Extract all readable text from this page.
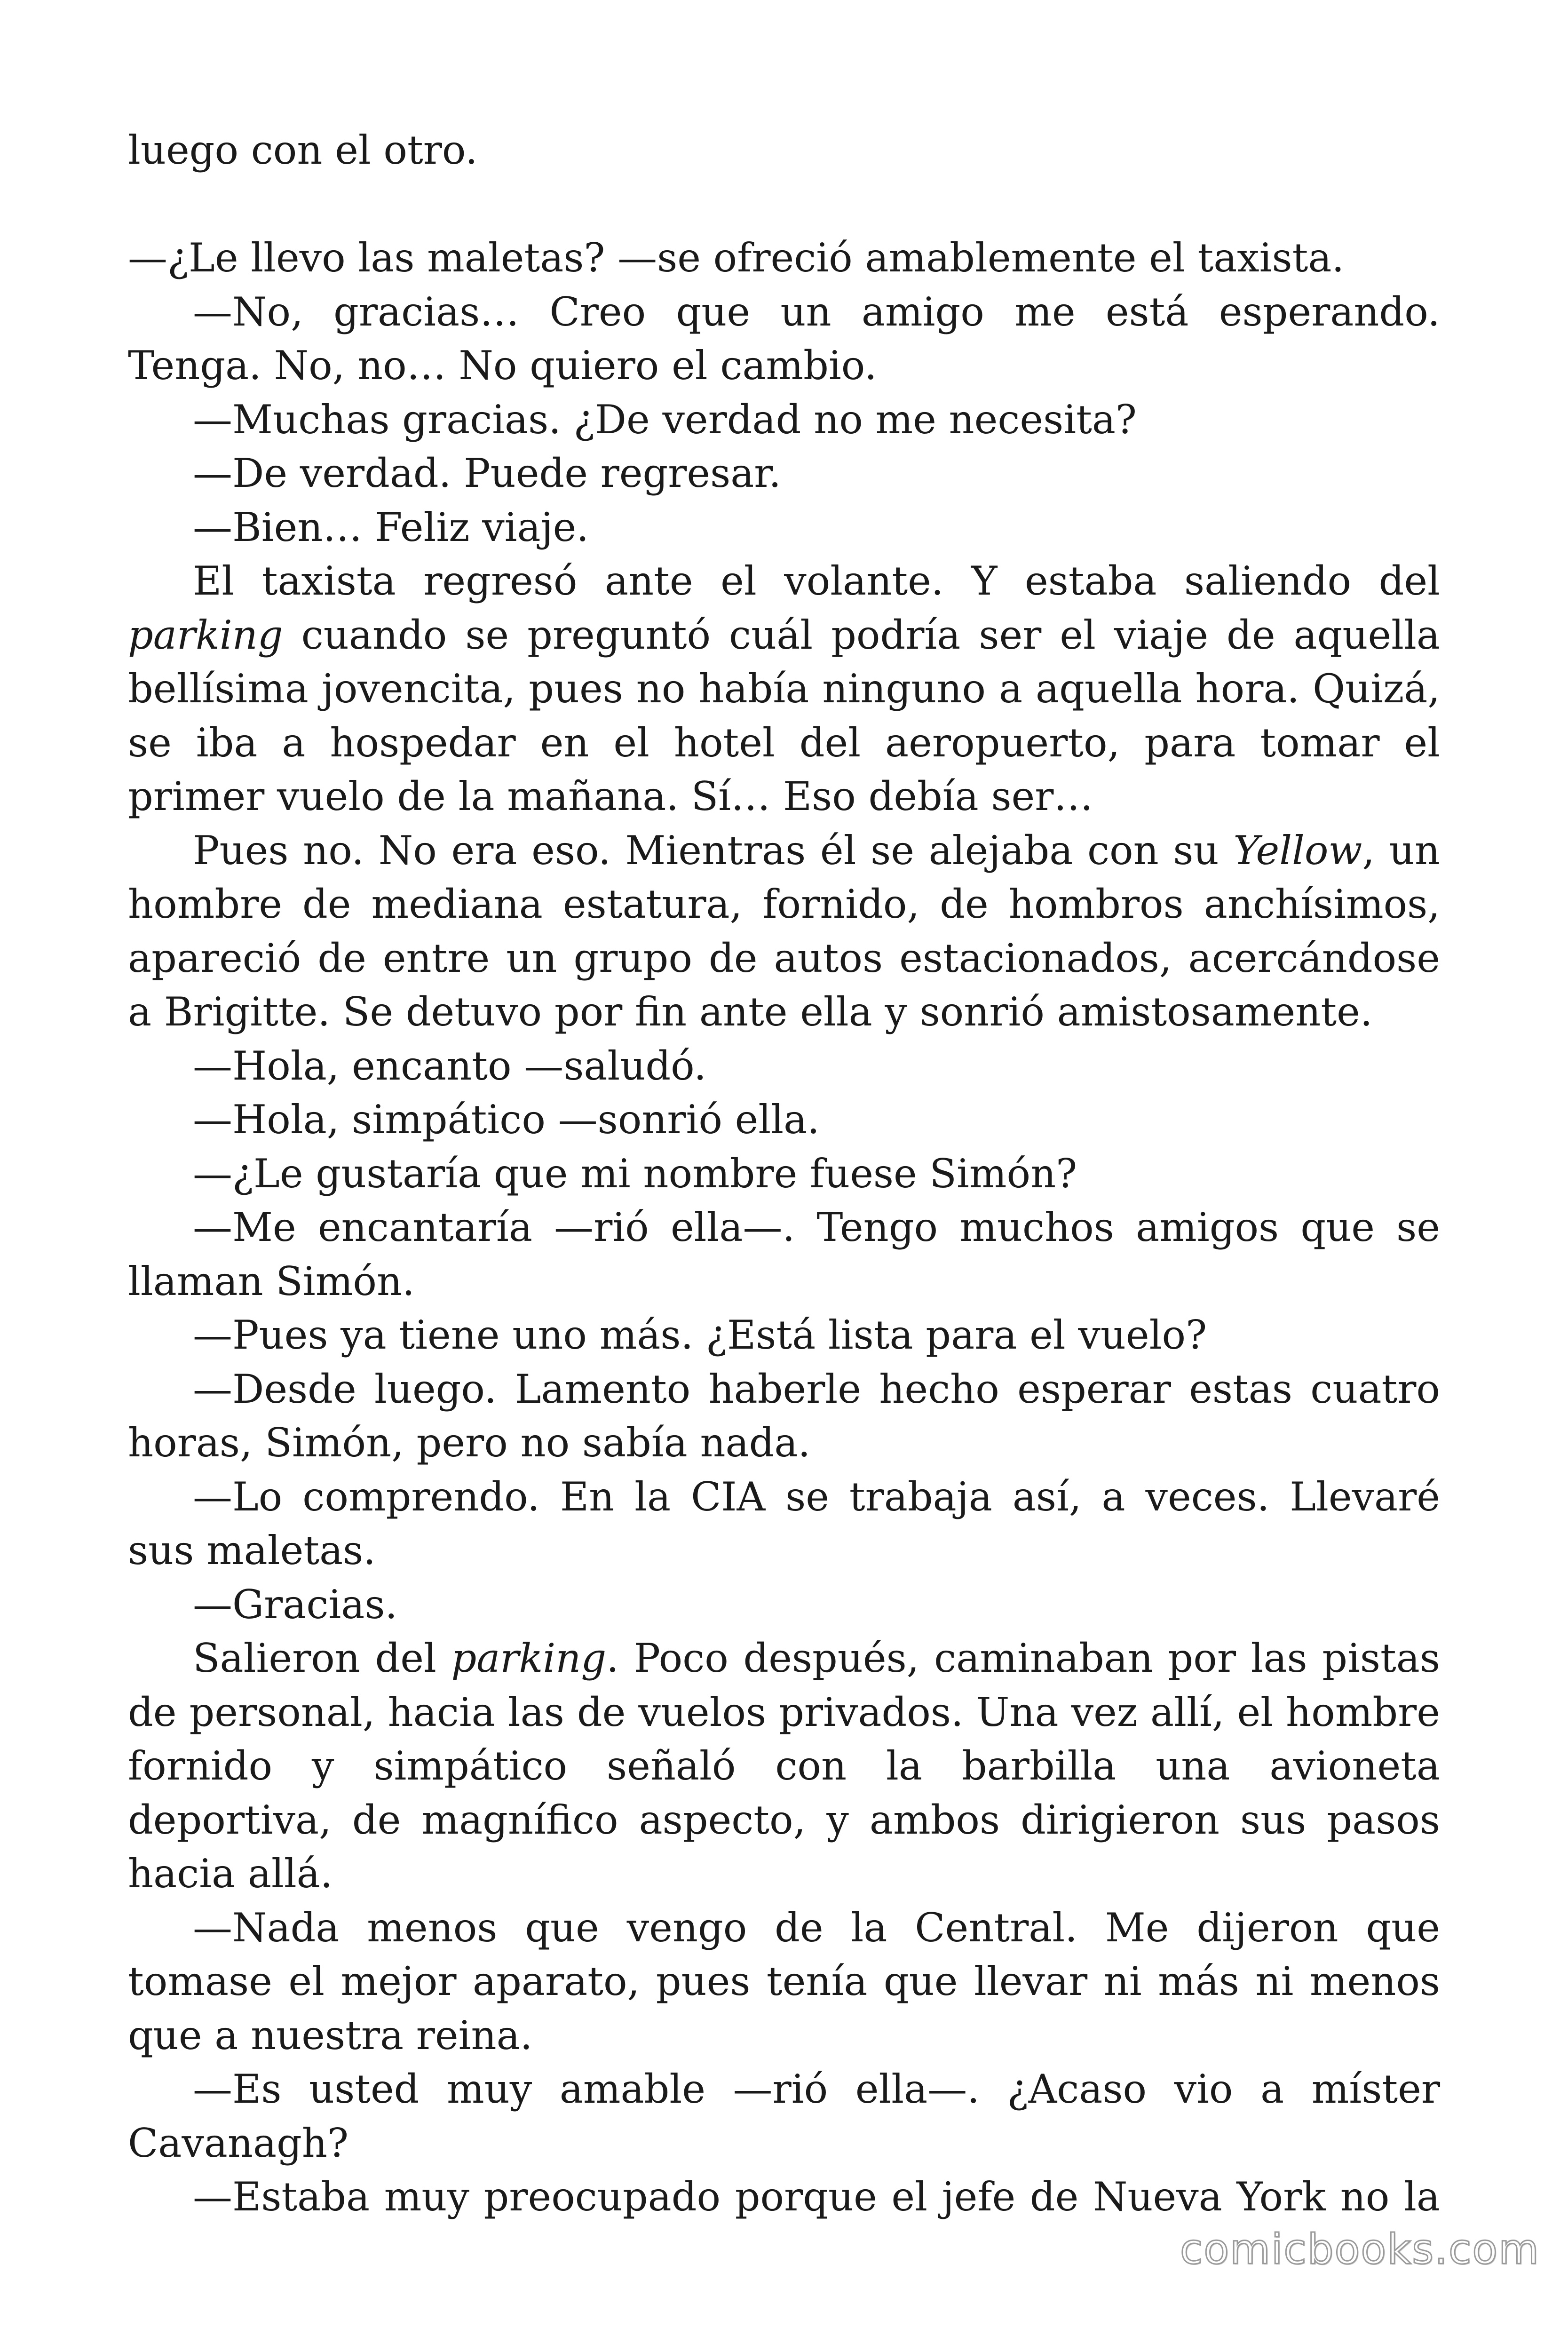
luego con el otro.

—¿Le llevo las maletas? —se ofreció amablemente el taxista.

—No, gracias… Creo que un amigo me está esperando. Tenga. No, no… No quiero el cambio.

—Muchas gracias. ¿De verdad no me necesita?

—De verdad. Puede regresar.

—Bien… Feliz viaje.

El taxista regresó ante el volante. Y estaba saliendo del parking cuando se preguntó cuál podría ser el viaje de aquella bellísima jovencita, pues no había ninguno a aquella hora. Quizá, se iba a hospedar en el hotel del aeropuerto, para tomar el primer vuelo de la mañana. Sí… Eso debía ser…

Pues no. No era eso. Mientras él se alejaba con su Yellow, un hombre de mediana estatura, fornido, de hombros anchísimos, apareció de entre un grupo de autos estacionados, acercándose a Brigitte. Se detuvo por fin ante ella y sonrió amistosamente.

—Hola, encanto —saludó.

—Hola, simpático —sonrió ella.

—¿Le gustaría que mi nombre fuese Simón?

—Me encantaría —rió ella—. Tengo muchos amigos que se llaman Simón.

—Pues ya tiene uno más. ¿Está lista para el vuelo?

—Desde luego. Lamento haberle hecho esperar estas cuatro horas, Simón, pero no sabía nada.

—Lo comprendo. En la CIA se trabaja así, a veces. Llevaré sus maletas.

—Gracias.

Salieron del parking. Poco después, caminaban por las pistas de personal, hacia las de vuelos privados. Una vez allí, el hombre fornido y simpático señaló con la barbilla una avioneta deportiva, de magnífico aspecto, y ambos dirigieron sus pasos hacia allá.

—Nada menos que vengo de la Central. Me dijeron que tomase el mejor aparato, pues tenía que llevar ni más ni menos que a nuestra reina.

—Es usted muy amable —rió ella—. ¿Acaso vio a míster Cavanagh?

—Estaba muy preocupado porque el jefe de Nueva York no la

comicbooks.com
